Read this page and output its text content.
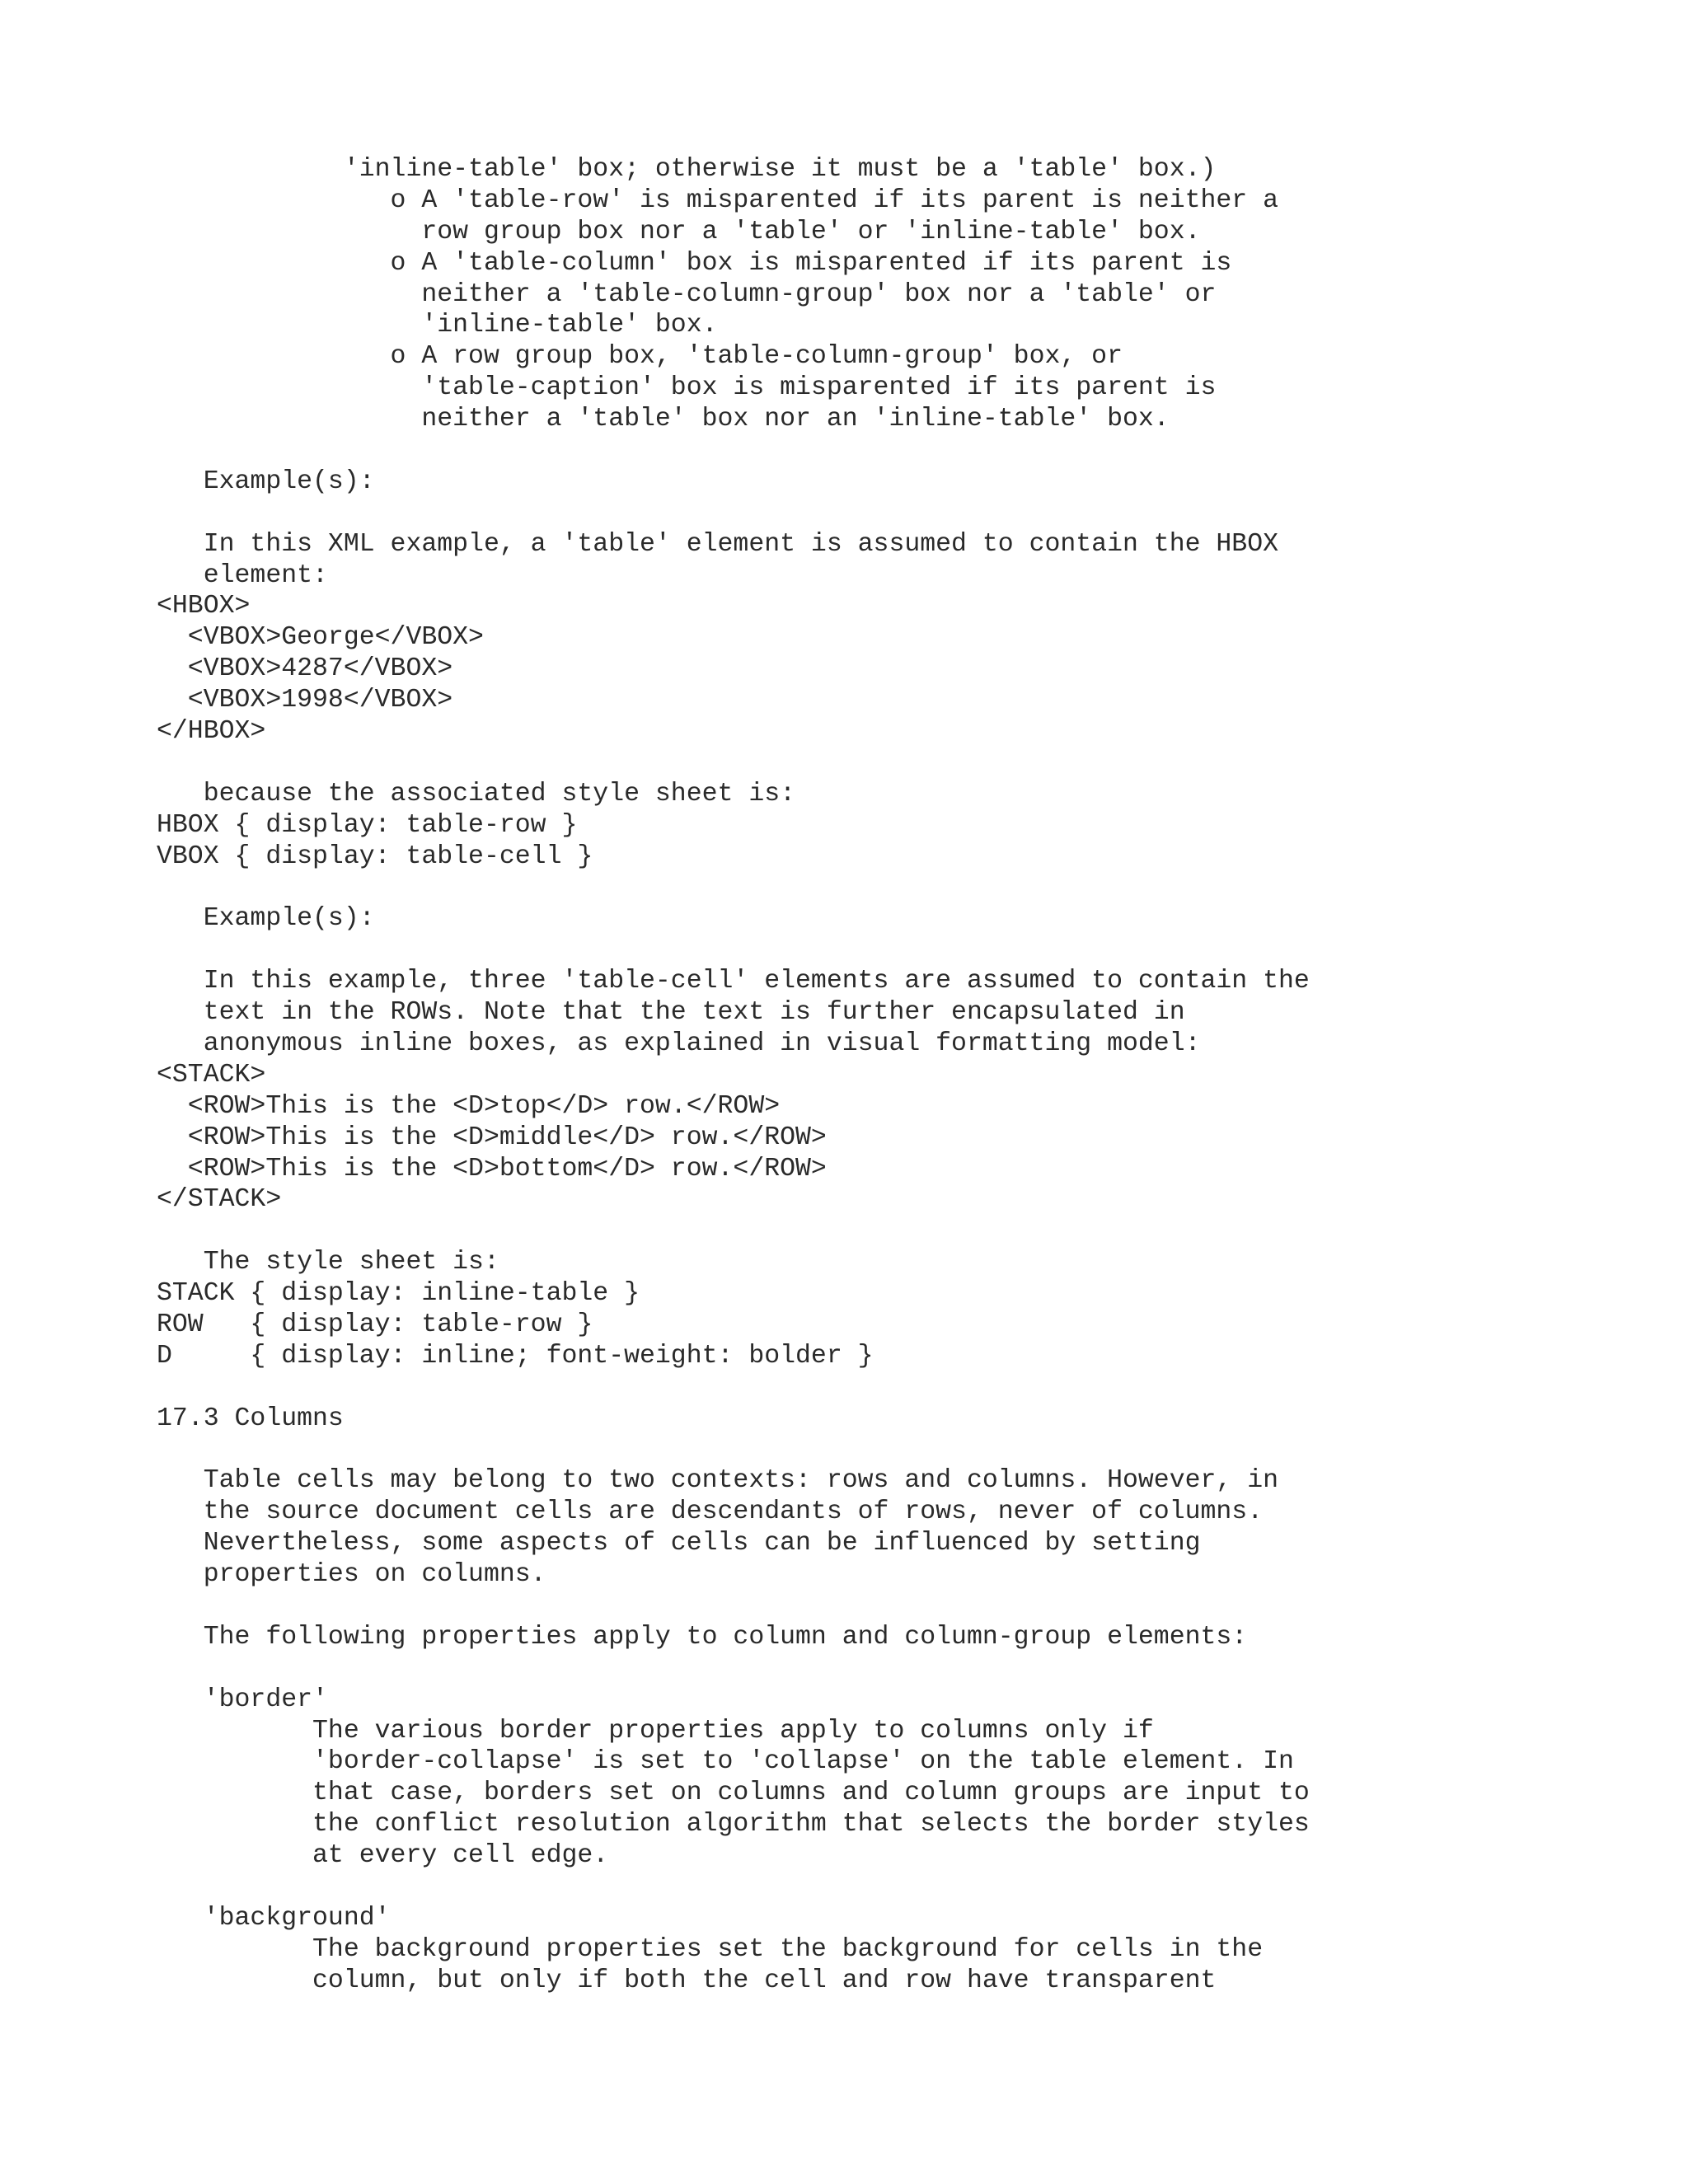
'inline-table' box; otherwise it must be a 'table' box.)
o A 'table-row' is misparented if its parent is neither a
row group box nor a 'table' or 'inline-table' box.
o A 'table-column' box is misparented if its parent is
neither a 'table-column-group' box nor a 'table' or
'inline-table' box.
o A row group box, 'table-column-group' box, or
'table-caption' box is misparented if its parent is
neither a 'table' box nor an 'inline-table' box.
Example(s):
In this XML example, a 'table' element is assumed to contain the HBOX
element:
<HBOX>
<VBOX>George</VBOX>
<VBOX>4287</VBOX>
<VBOX>1998</VBOX>
</HBOX>
because the associated style sheet is:
HBOX { display: table-row }
VBOX { display: table-cell }
Example(s):
In this example, three 'table-cell' elements are assumed to contain the
text in the ROWs. Note that the text is further encapsulated in
anonymous inline boxes, as explained in visual formatting model:
<STACK>
<ROW>This is the <D>top</D> row.</ROW>
<ROW>This is the <D>middle</D> row.</ROW>
<ROW>This is the <D>bottom</D> row.</ROW>
</STACK>
The style sheet is:
STACK { display: inline-table }
ROW   { display: table-row }
D     { display: inline; font-weight: bolder }
17.3 Columns
Table cells may belong to two contexts: rows and columns. However, in
the source document cells are descendants of rows, never of columns.
Nevertheless, some aspects of cells can be influenced by setting
properties on columns.
The following properties apply to column and column-group elements:
'border'
The various border properties apply to columns only if
'border-collapse' is set to 'collapse' on the table element. In
that case, borders set on columns and column groups are input to
the conflict resolution algorithm that selects the border styles
at every cell edge.
'background'
The background properties set the background for cells in the
column, but only if both the cell and row have transparent
